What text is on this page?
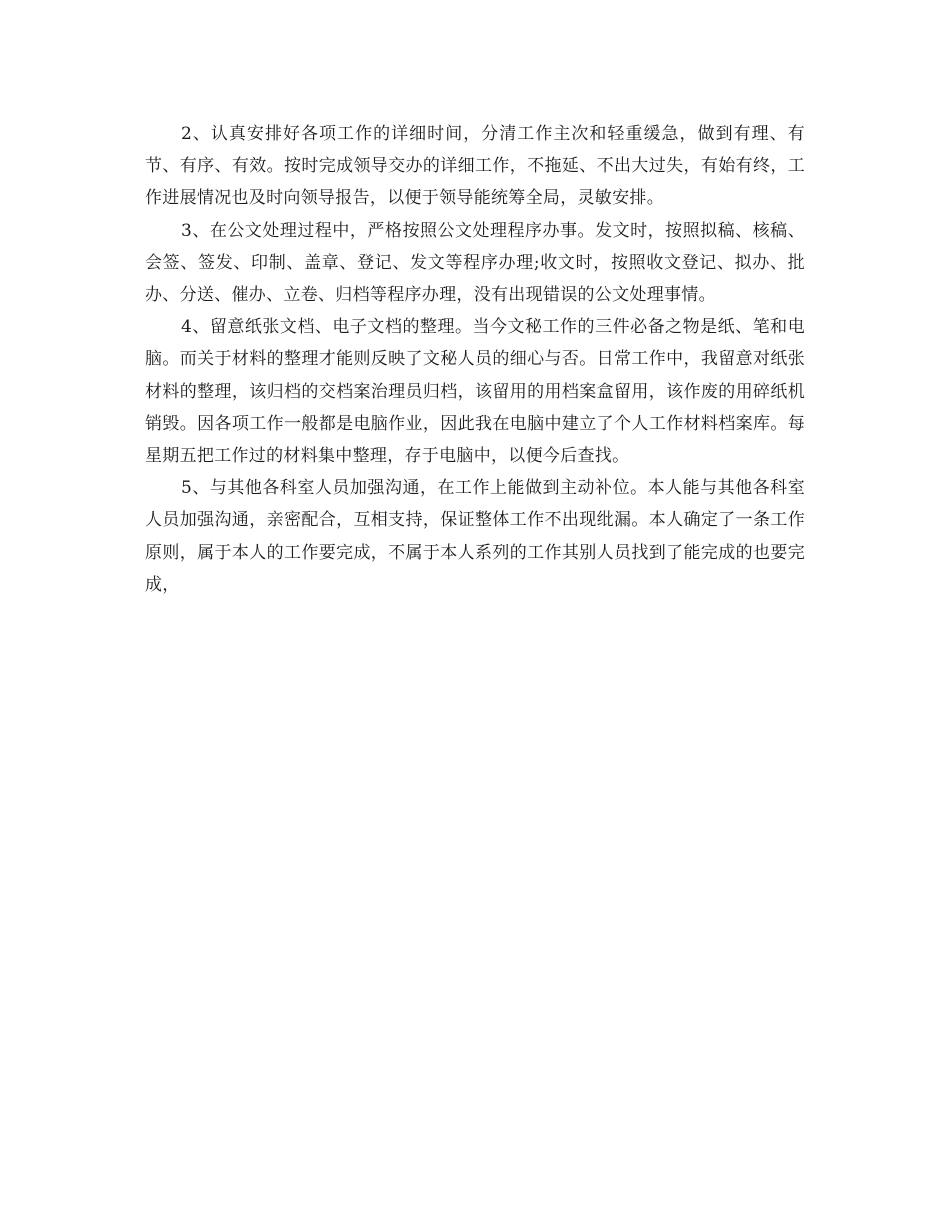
2、认真安排好各项工作的详细时间，分清工作主次和轻重缓急，做到有理、有节、有序、有效。按时完成领导交办的详细工作，不拖延、不出大过失，有始有终，工作进展情况也及时向领导报告，以便于领导能统筹全局，灵敏安排。

3、在公文处理过程中，严格按照公文处理程序办事。发文时，按照拟稿、核稿、会签、签发、印制、盖章、登记、发文等程序办理;收文时，按照收文登记、拟办、批办、分送、催办、立卷、归档等程序办理，没有出现错误的公文处理事情。

4、留意纸张文档、电子文档的整理。当今文秘工作的三件必备之物是纸、笔和电脑。而关于材料的整理才能则反映了文秘人员的细心与否。日常工作中，我留意对纸张材料的整理，该归档的交档案治理员归档，该留用的用档案盒留用，该作废的用碎纸机销毁。因各项工作一般都是电脑作业，因此我在电脑中建立了个人工作材料档案库。每星期五把工作过的材料集中整理，存于电脑中，以便今后查找。

5、与其他各科室人员加强沟通，在工作上能做到主动补位。本人能与其他各科室人员加强沟通，亲密配合，互相支持，保证整体工作不出现纰漏。本人确定了一条工作原则，属于本人的工作要完成，不属于本人系列的工作其别人员找到了能完成的也要完成，
